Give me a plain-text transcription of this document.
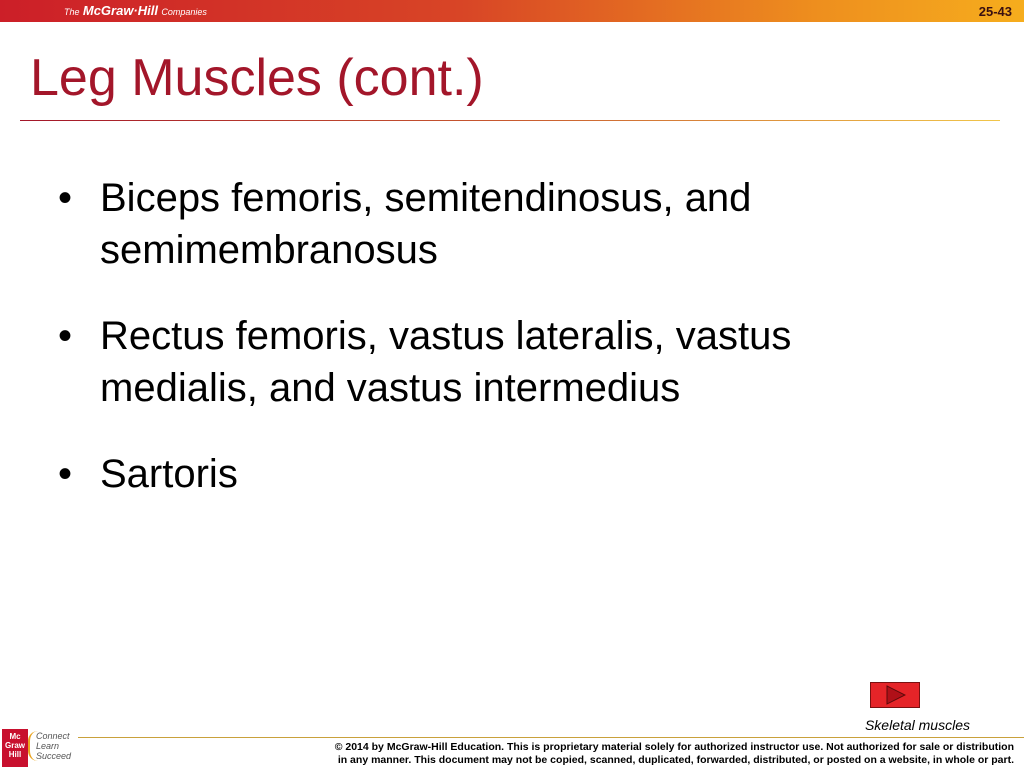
The McGraw·Hill Companies	25-43
Leg Muscles (cont.)
• Biceps femoris, semitendinosus, and semimembranosus
• Rectus femoris, vastus lateralis, vastus medialis, and vastus intermedius
• Sartoris
Skeletal muscles
Mc
Graw
Hill
Connect
Learn
Succeed
© 2014 by McGraw-Hill Education. This is proprietary material solely for authorized instructor use. Not authorized for sale or distribution
in any manner. This document may not be copied, scanned, duplicated, forwarded, distributed, or posted on a website, in whole or part.
